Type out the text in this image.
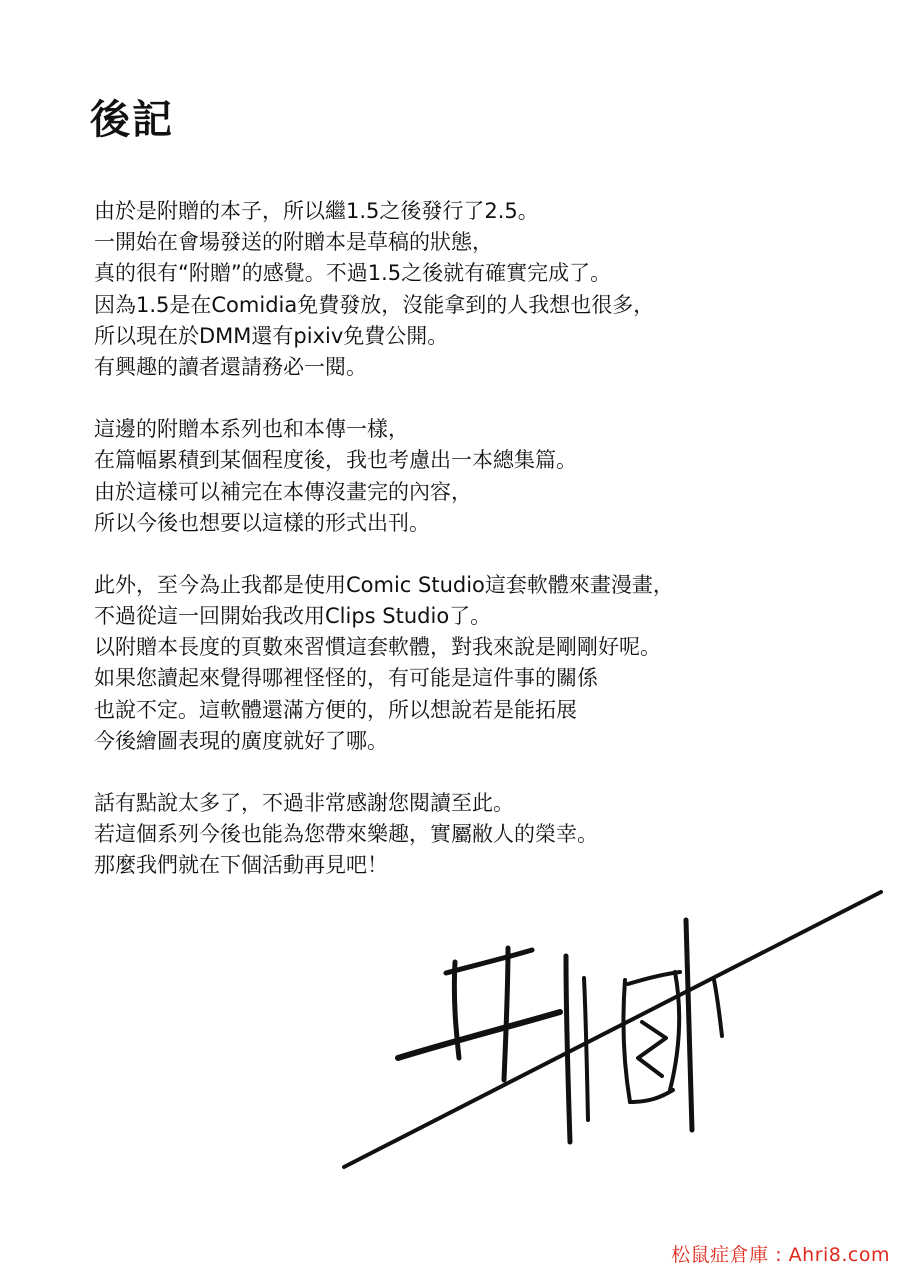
後記
由於是附贈的本子，所以繼1.5之後發行了2.5。
一開始在會場發送的附贈本是草稿的狀態，
真的很有“附贈”的感覺。不過1.5之後就有確實完成了。
因為1.5是在Comidia免費發放，沒能拿到的人我想也很多，
所以現在於DMM還有pixiv免費公開。
有興趣的讀者還請務必一閱。
這邊的附贈本系列也和本傳一樣，
在篇幅累積到某個程度後，我也考慮出一本總集篇。
由於這樣可以補完在本傳沒畫完的內容，
所以今後也想要以這樣的形式出刊。
此外，至今為止我都是使用Comic Studio這套軟體來畫漫畫，
不過從這一回開始我改用Clips Studio了。
以附贈本長度的頁數來習慣這套軟體，對我來說是剛剛好呢。
如果您讀起來覺得哪裡怪怪的，有可能是這件事的關係
也說不定。這軟體還滿方便的，所以想說若是能拓展
今後繪圖表現的廣度就好了哪。
話有點說太多了，不過非常感謝您閱讀至此。
若這個系列今後也能為您帶來樂趣，實屬敝人的榮幸。
那麼我們就在下個活動再見吧！
松鼠症倉庫 : Ahri8.com
